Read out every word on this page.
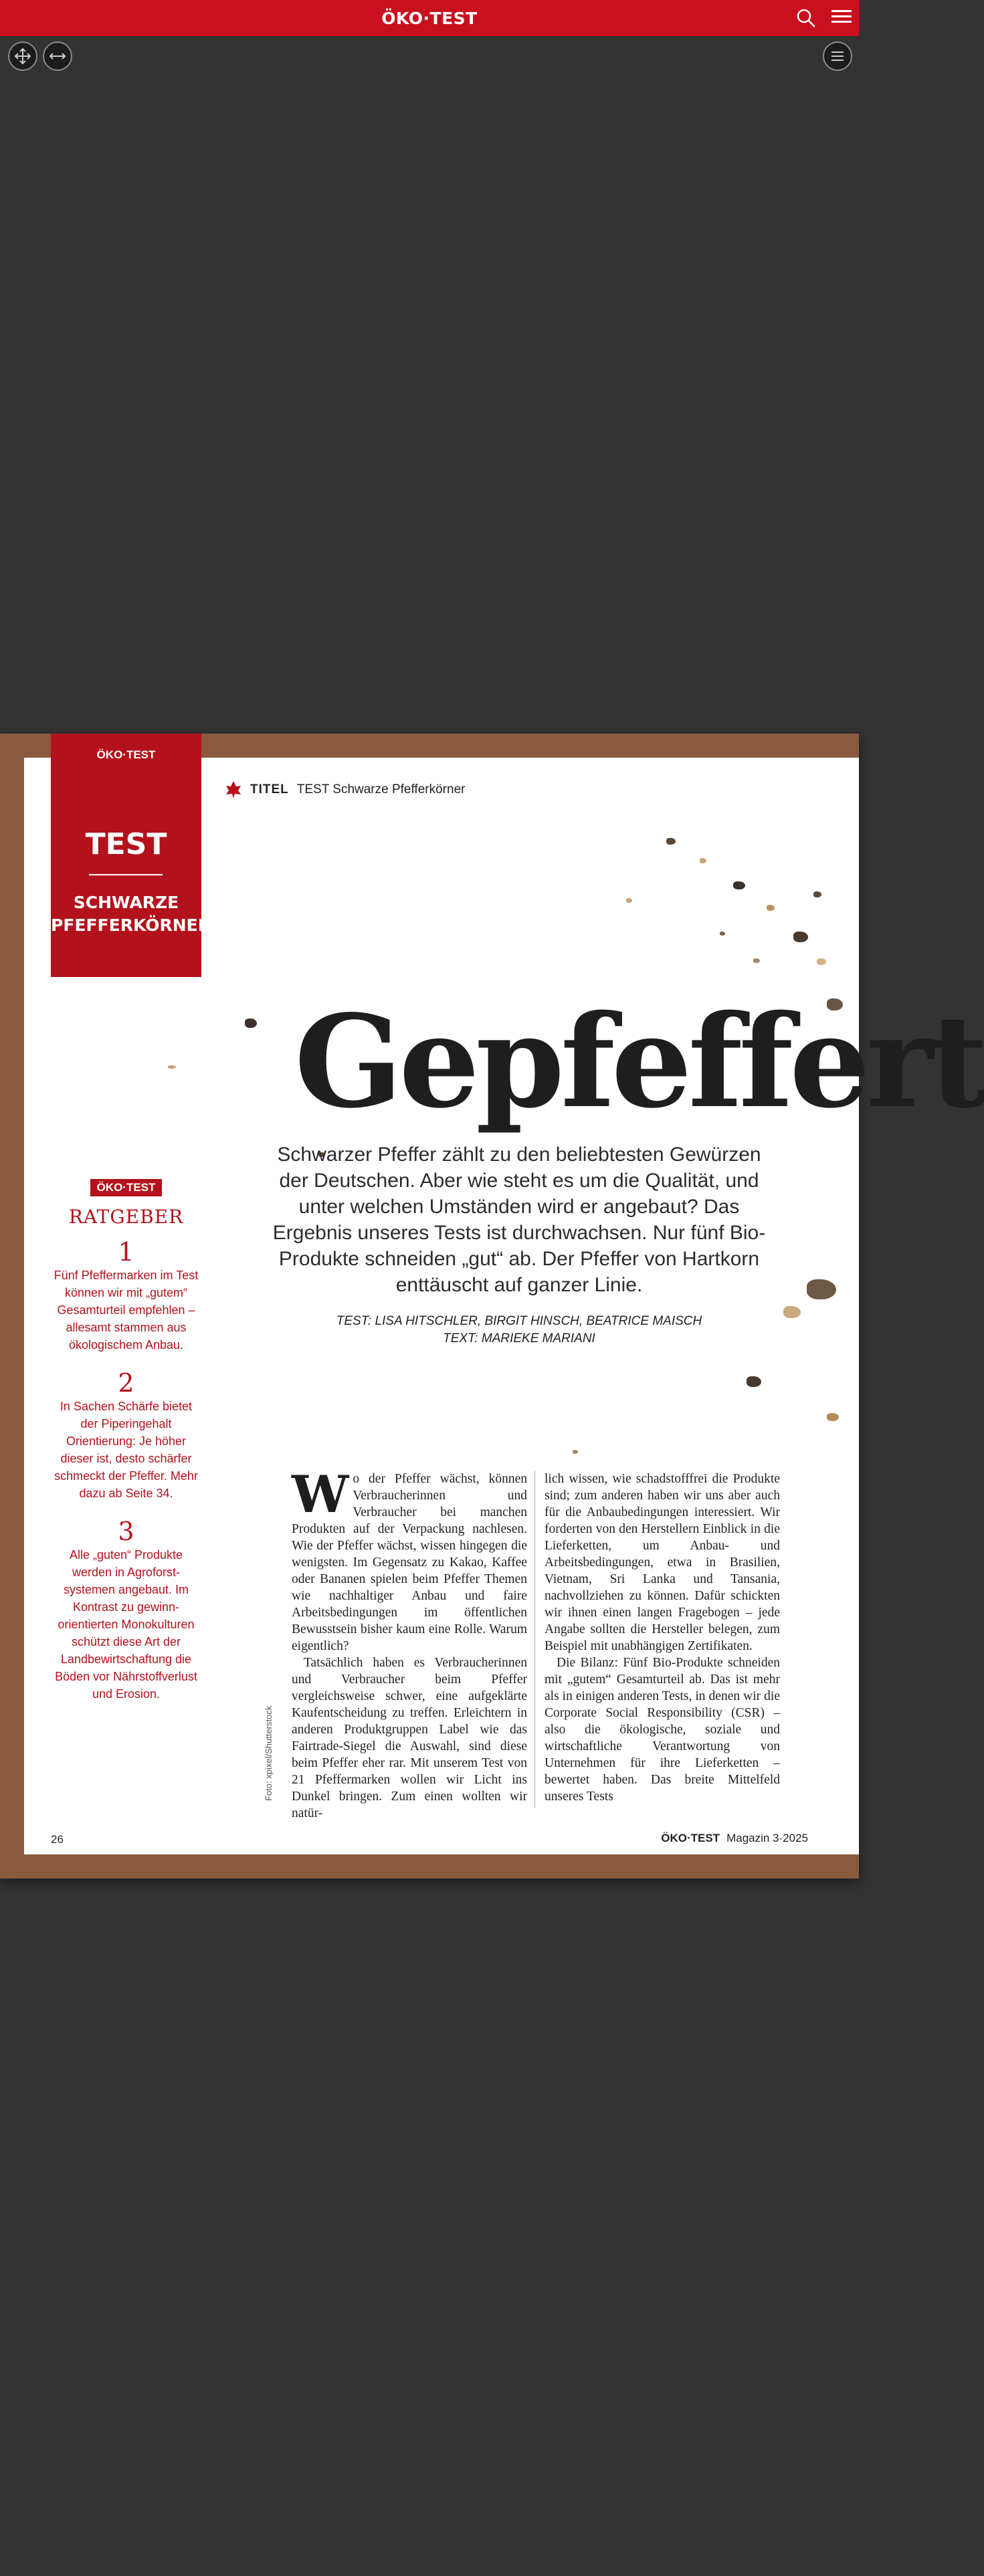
ÖKO·TEST
ÖKO·TEST
TEST
SCHWARZE PFEFFERKÖRNER
TITEL TEST Schwarze Pfefferkörner
Gepfeffert
Schwarzer Pfeffer zählt zu den beliebtesten Gewürzen der Deutschen. Aber wie steht es um die Qualität, und unter welchen Umständen wird er angebaut? Das Ergebnis unseres Tests ist durchwachsen. Nur fünf Bio-Produkte schneiden „gut“ ab. Der Pfeffer von Hartkorn enttäuscht auf ganzer Linie.
TEST: LISA HITSCHLER, BIRGIT HINSCH, BEATRICE MAISCH
TEXT: MARIEKE MARIANI
ÖKO·TEST
RATGEBER
1
Fünf Pfeffermarken im Test können wir mit „gutem“ Gesamturteil empfehlen – allesamt stammen aus ökologischem Anbau.
2
In Sachen Schärfe bietet der Piperingehalt Orientierung: Je höher dieser ist, desto schärfer schmeckt der Pfeffer. Mehr dazu ab Seite 34.
3
Alle „guten“ Produkte werden in Agroforst-systemen angebaut. Im Kontrast zu gewinn-orientierten Monokulturen schützt diese Art der Landbewirtschaftung die Böden vor Nährstoffverlust und Erosion.
W o der Pfeffer wächst, können Verbraucherinnen und Verbraucher bei manchen Produkten auf der Verpackung nachlesen. Wie der Pfeffer wächst, wissen hingegen die wenigsten. Im Gegensatz zu Kakao, Kaffee oder Bananen spielen beim Pfeffer Themen wie nachhaltiger Anbau und faire Arbeitsbedingungen im öffentlichen Bewusstsein bisher kaum eine Rolle. Warum eigentlich?

Tatsächlich haben es Verbraucherinnen und Verbraucher beim Pfeffer vergleichsweise schwer, eine aufgeklärte Kaufentscheidung zu treffen. Erleichtern in anderen Produktgruppen Label wie das Fairtrade-Siegel die Auswahl, sind diese beim Pfeffer eher rar. Mit unserem Test von 21 Pfeffermarken wollen wir Licht ins Dunkel bringen. Zum einen wollten wir natür-

lich wissen, wie schadstofffrei die Produkte sind; zum anderen haben wir uns aber auch für die Anbaubedingungen interessiert. Wir forderten von den Herstellern Einblick in die Lieferketten, um Anbau- und Arbeitsbedingungen, etwa in Brasilien, Vietnam, Sri Lanka und Tansania, nachvollziehen zu können. Dafür schickten wir ihnen einen langen Fragebogen – jede Angabe sollten die Hersteller belegen, zum Beispiel mit unabhängigen Zertifikaten.

Die Bilanz: Fünf Bio-Produkte schneiden mit „gutem“ Gesamturteil ab. Das ist mehr als in einigen anderen Tests, in denen wir die Corporate Social Responsibility (CSR) – also die ökologische, soziale und wirtschaftliche Verantwortung von Unternehmen für ihre Lieferketten – bewertet haben. Das breite Mittelfeld unseres Tests

Foto: xpixel/Shutterstock
26	ÖKO·TEST Magazin 3·2025
